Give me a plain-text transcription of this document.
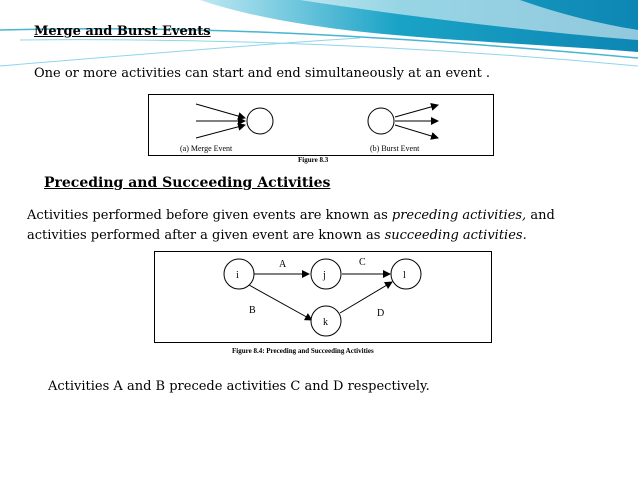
Merge and Burst Events
One or more activities can start and end simultaneously at an event .
(a) Merge Event	(b) Burst Event
Figure 8.3
Preceding and Succeeding Activities
Activities performed before given events are known as preceding activities, and
activities performed after a given event are known as succeeding activities.
i	j
k
l
A
B
C
D
Figure 8.4: Preceding and Succeeding Activities
Activities A and B precede activities C and D respectively.
